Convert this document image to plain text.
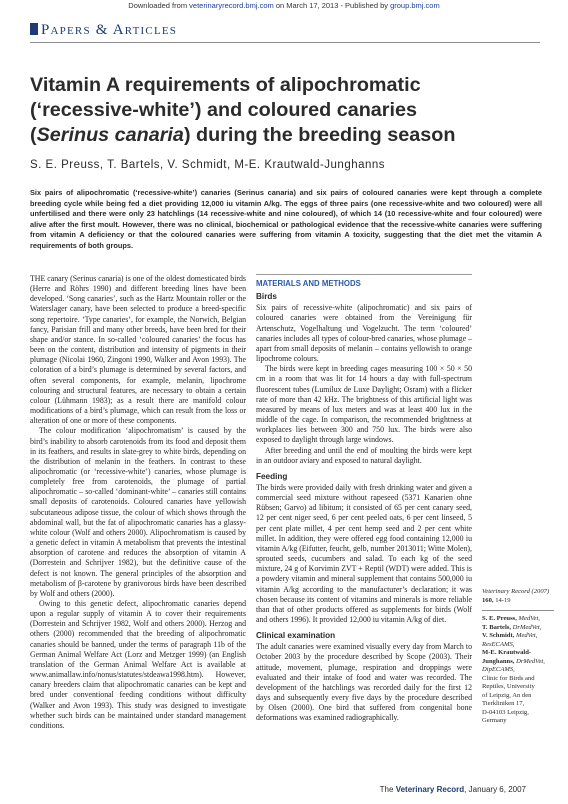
Downloaded from veterinaryrecord.bmj.com on March 17, 2013 - Published by group.bmj.com
Papers & Articles
Vitamin A requirements of alipochromatic
(‘recessive-white’) and coloured canaries
(Serinus canaria) during the breeding season
S. E. Preuss, T. Bartels, V. Schmidt, M-E. Krautwald-Junghanns
Six pairs of alipochromatic (‘recessive-white’) canaries (Serinus canaria) and six pairs of coloured canaries were kept through a complete breeding cycle while being fed a diet providing 12,000 iu vitamin A/kg. The eggs of three pairs (one recessive-white and two coloured) were all unfertilised and there were only 23 hatchlings (14 recessive-white and nine coloured), of which 14 (10 recessive-white and four coloured) were alive after the first moult. However, there was no clinical, biochemical or pathological evidence that the recessive-white canaries were suffering from vitamin A deficiency or that the coloured canaries were suffering from vitamin A toxicity, suggesting that the diet met the vitamin A requirements of both groups.

THE canary (Serinus canaria) is one of the oldest domesticated birds (Herre and Röhrs 1990) and different breeding lines have been developed. ‘Song canaries’, such as the Hartz Mountain roller or the Waterslager canary, have been selected to produce a breed-specific song repertoire. ‘Type canaries’, for example, the Norwich, Belgian fancy, Parisian frill and many other breeds, have been bred for their shape and/or stance. In so-called ‘coloured canaries’ the focus has been on the content, distribution and intensity of pigments in their plumage (Nicolai 1960, Zingoni 1990, Walker and Avon 1993). The coloration of a bird’s plumage is determined by several factors, and often several components, for example, melanin, lipochrome colouring and structural features, are necessary to obtain a certain colour (Lühmann 1983); as a result there are manifold colour modifications of a bird’s plumage, which can result from the loss or alteration of one or more of these components.

The colour modification ‘alipochromatism’ is caused by the bird’s inability to absorb carotenoids from its food and deposit them in its feathers, and results in slate-grey to white birds, depending on the distribution of melanin in the feathers. In contrast to these alipochromatic (or ‘recessive-white’) canaries, whose plumage is completely free from carotenoids, the plumage of partial alipochromatic – so-called ‘dominant-white’ – canaries still contains small deposits of carotenoids. Coloured canaries have yellowish subcutaneous adipose tissue, the colour of which shows through the abdominal wall, but the fat of alipochromatic canaries has a glassy-white colour (Wolf and others 2000). Alipochromatism is caused by a genetic defect in vitamin A metabolism that prevents the intestinal absorption of carotene and reduces the absorption of vitamin A (Dorrestein and Schrijver 1982), but the definitive cause of the defect is not known. The general principles of the absorption and metabolism of β-carotene by granivorous birds have been described by Wolf and others (2000).

Owing to this genetic defect, alipochromatic canaries depend upon a regular supply of vitamin A to cover their requirements (Dorrestein and Schrijver 1982, Wolf and others 2000). Herzog and others (2000) recommended that the breeding of alipochromatic canaries should be banned, under the terms of paragraph 11b of the German Animal Welfare Act (Lorz and Metzger 1999) (an English translation of the German Animal Welfare Act is available at www.animallaw.info/nonus/statutes/stdeawa1998.htm). However, canary breeders claim that alipochromatic canaries can be kept and bred under conventional feeding conditions without difficulty (Walker and Avon 1993). This study was designed to investigate whether such birds can be maintained under standard management conditions.

MATERIALS AND METHODS
Birds

Six pairs of recessive-white (alipochromatic) and six pairs of coloured canaries were obtained from the Vereinigung für Artenschutz, Vogelhaltung und Vogelzucht. The term ‘coloured’ canaries includes all types of colour-bred canaries, whose plumage – apart from small deposits of melanin – contains yellowish to orange lipochrome colours.

The birds were kept in breeding cages measuring 100 × 50 × 50 cm in a room that was lit for 14 hours a day with full-spectrum fluorescent tubes (Lumilux de Luxe Daylight; Osram) with a flicker rate of more than 42 kHz. The brightness of this artificial light was measured by means of lux meters and was at least 400 lux in the middle of the cage. In comparison, the recommended brightness at workplaces lies between 300 and 750 lux. The birds were also exposed to daylight through large windows.

After breeding and until the end of moulting the birds were kept in an outdoor aviary and exposed to natural daylight.

Feeding

The birds were provided daily with fresh drinking water and given a commercial seed mixture without rapeseed (5371 Kanarien ohne Rübsen; Garvo) ad libitum; it consisted of 65 per cent canary seed, 12 per cent niger seed, 6 per cent peeled oats, 6 per cent linseed, 5 per cent plate millet, 4 per cent hemp seed and 2 per cent white millet. In addition, they were offered egg food containing 12,000 iu vitamin A/kg (Eifutter, feucht, gelb, number 2013011; Witte Molen), sprouted seeds, cucumbers and salad. To each kg of the seed mixture, 24 g of Korvimin ZVT + Reptil (WDT) were added. This is a powdery vitamin and mineral supplement that contains 500,000 iu vitamin A/kg according to the manufacturer’s declaration; it was chosen because its content of vitamins and minerals is more reliable than that of other products offered as supplements for birds (Wolf and others 1996). It provided 12,000 iu vitamin A/kg of diet.

Clinical examination

The adult canaries were examined visually every day from March to October 2003 by the procedure described by Scope (2003). Their attitude, movement, plumage, respiration and droppings were evaluated and their intake of food and water was recorded. The development of the hatchlings was recorded daily for the first 12 days and subsequently every five days by the procedure described by Olsen (2000). One bird that suffered from congenital bone deformations was examined radiographically.

Veterinary Record (2007)
160, 14-19
S. E. Preuss, MedVet,
T. Bartels, DrMedVet,
V. Schmidt, MedVet,
ResECAMS,
M-E. Krautwald-Junghanns, DrMedVet,
DipECAMS,
Clinic for Birds and
Reptiles, University
of Leipzig, An den
Tierkliniken 17,
D-04103 Leipzig,
Germany
The Veterinary Record, January 6, 2007
